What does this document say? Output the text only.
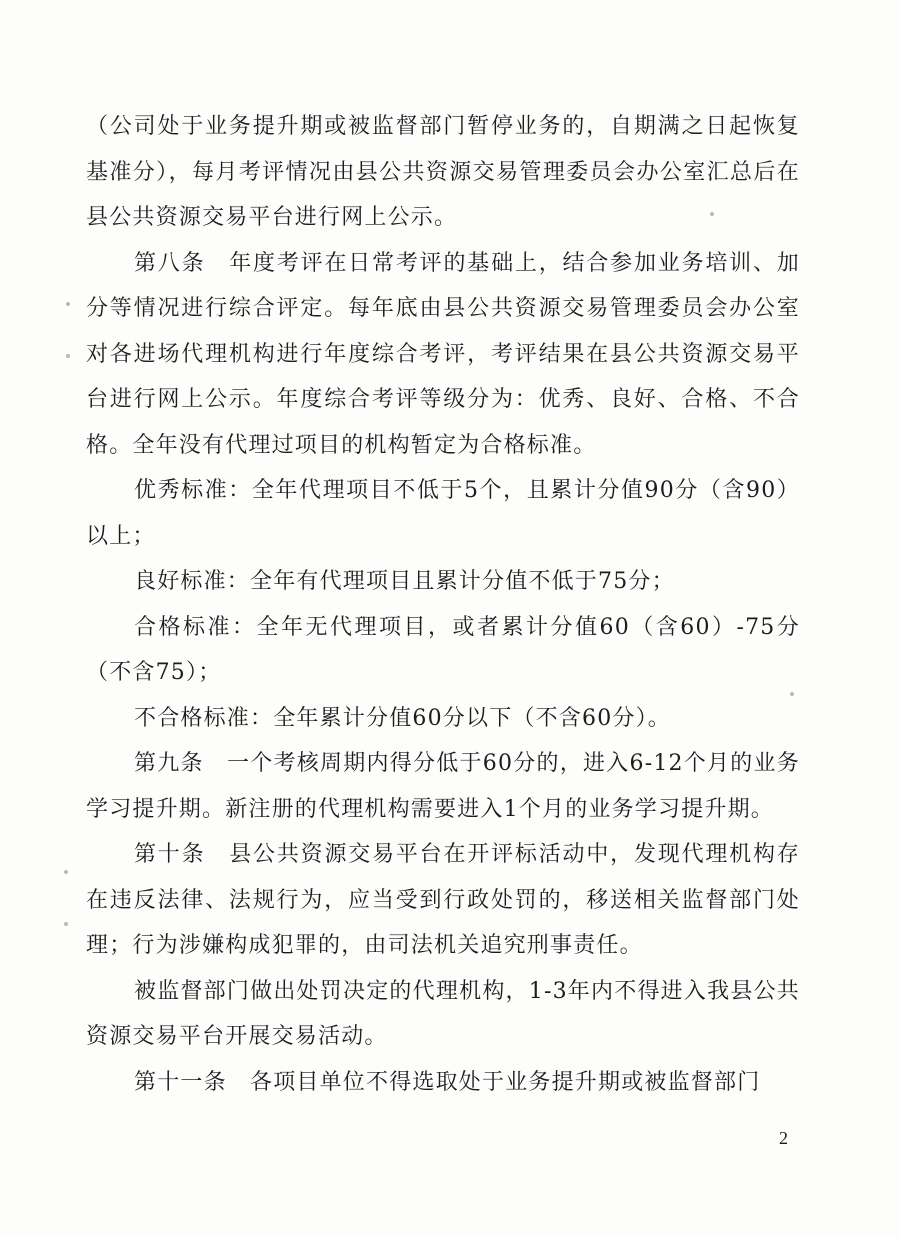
（公司处于业务提升期或被监督部门暂停业务的，自期满之日起恢复基准分），每月考评情况由县公共资源交易管理委员会办公室汇总后在县公共资源交易平台进行网上公示。

第八条　年度考评在日常考评的基础上，结合参加业务培训、加分等情况进行综合评定。每年底由县公共资源交易管理委员会办公室对各进场代理机构进行年度综合考评，考评结果在县公共资源交易平台进行网上公示。年度综合考评等级分为：优秀、良好、合格、不合格。全年没有代理过项目的机构暂定为合格标准。

优秀标准：全年代理项目不低于5个，且累计分值90分（含90）以上；

良好标准：全年有代理项目且累计分值不低于75分；

合格标准：全年无代理项目，或者累计分值60（含60）-75分（不含75）；

不合格标准：全年累计分值60分以下（不含60分）。

第九条　一个考核周期内得分低于60分的，进入6-12个月的业务学习提升期。新注册的代理机构需要进入1个月的业务学习提升期。

第十条　县公共资源交易平台在开评标活动中，发现代理机构存在违反法律、法规行为，应当受到行政处罚的，移送相关监督部门处理；行为涉嫌构成犯罪的，由司法机关追究刑事责任。

被监督部门做出处罚决定的代理机构，1-3年内不得进入我县公共资源交易平台开展交易活动。

第十一条　各项目单位不得选取处于业务提升期或被监督部门

2
